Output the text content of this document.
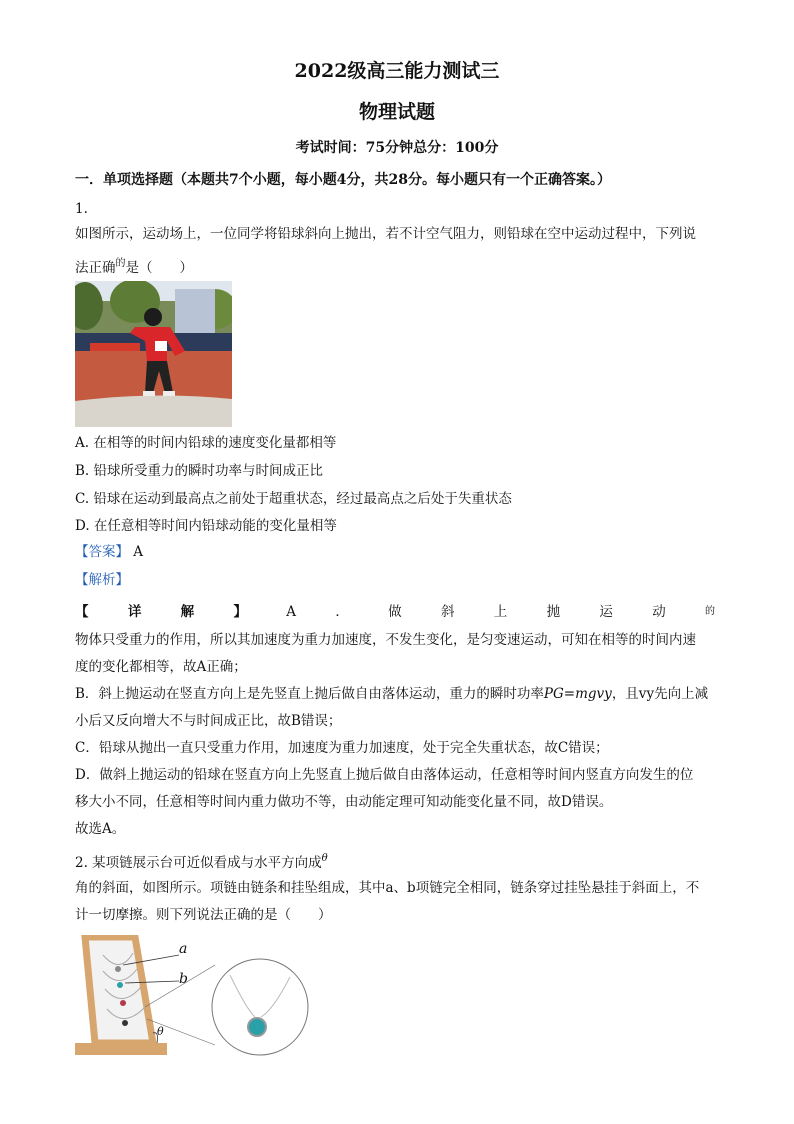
2022级高三能力测试三
物理试题
考试时间：75分钟总分：100分
一．单项选择题（本题共7个小题，每小题4分，共28分。每小题只有一个正确答案。）
1.
如图所示，运动场上，一位同学将铅球斜向上抛出，若不计空气阻力，则铅球在空中运动过程中，下列说
法正确$^的$是（　　）
A. 在相等的时间内铅球的速度变化量都相等
B. 铅球所受重力的瞬时功率与时间成正比
C. 铅球在运动到最高点之前处于超重状态，经过最高点之后处于失重状态
D. 在任意相等时间内铅球动能的变化量相等
【答案】 A
【解析】
【	详	解	】	A	．	做	斜	上	抛	运	动	的
物体只受重力的作用，所以其加速度为重力加速度，不发生变化，是匀变速运动，可知在相等的时间内速
度的变化都相等，故A正确；
B．斜上抛运动在竖直方向上是先竖直上抛后做自由落体运动，重力的瞬时功率PG=mgvy，且vy先向上减
小后又反向增大不与时间成正比，故B错误；
C．铅球从抛出一直只受重力作用，加速度为重力加速度，处于完全失重状态，故C错误；
D．做斜上抛运动的铅球在竖直方向上先竖直上抛后做自由落体运动，任意相等时间内竖直方向发生的位
移大小不同，任意相等时间内重力做功不等，由动能定理可知动能变化量不同，故D错误。
故选A。
2. 某项链展示台可近似看成与水平方向成$^\theta$
角的斜面，如图所示。项链由链条和挂坠组成，其中a、b项链完全相同，链条穿过挂坠悬挂于斜面上，不
计一切摩擦。则下列说法正确的是（　　）
a
b
θ
